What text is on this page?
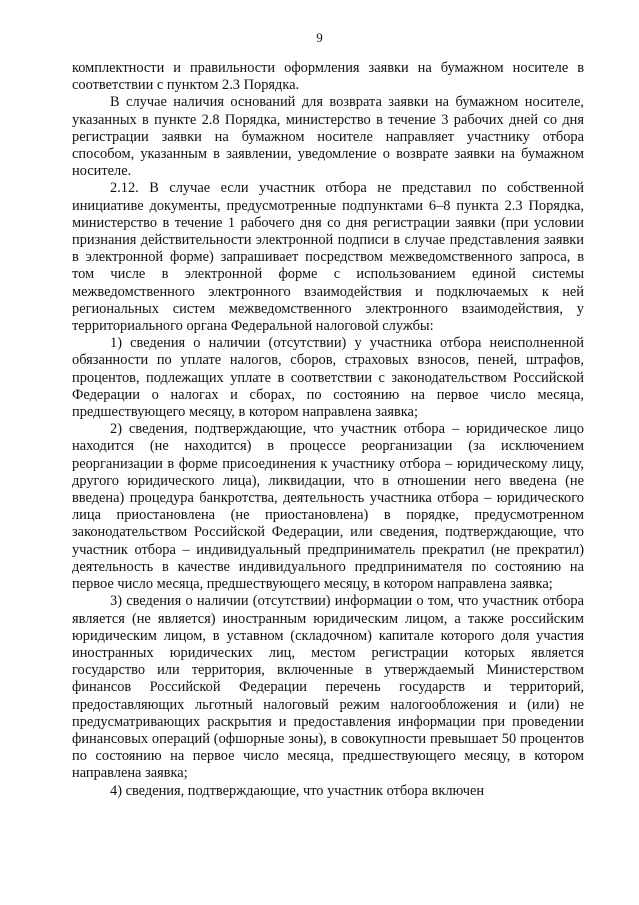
9

комплектности и правильности оформления заявки на бумажном носителе в соответствии с пунктом 2.3 Порядка.

В случае наличия оснований для возврата заявки на бумажном носителе, указанных в пункте 2.8 Порядка, министерство в течение 3 рабочих дней со дня регистрации заявки на бумажном носителе направляет участнику отбора способом, указанным в заявлении, уведомление о возврате заявки на бумажном носителе.

2.12. В случае если участник отбора не представил по собственной инициативе документы, предусмотренные подпунктами 6–8 пункта 2.3 Порядка, министерство в течение 1 рабочего дня со дня регистрации заявки (при условии признания действительности электронной подписи в случае представления заявки в электронной форме) запрашивает посредством межведомственного запроса, в том числе в электронной форме с использованием единой системы межведомственного электронного взаимодействия и подключаемых к ней региональных систем межведомственного электронного взаимодействия, у территориального органа Федеральной налоговой службы:

1) сведения о наличии (отсутствии) у участника отбора неисполненной обязанности по уплате налогов, сборов, страховых взносов, пеней, штрафов, процентов, подлежащих уплате в соответствии с законодательством Российской Федерации о налогах и сборах, по состоянию на первое число месяца, предшествующего месяцу, в котором направлена заявка;

2) сведения, подтверждающие, что участник отбора – юридическое лицо находится (не находится) в процессе реорганизации (за исключением реорганизации в форме присоединения к участнику отбора – юридическому лицу, другого юридического лица), ликвидации, что в отношении него введена (не введена) процедура банкротства, деятельность участника отбора – юридического лица приостановлена (не приостановлена) в порядке, предусмотренном законодательством Российской Федерации, или сведения, подтверждающие, что участник отбора – индивидуальный предприниматель прекратил (не прекратил) деятельность в качестве индивидуального предпринимателя по состоянию на первое число месяца, предшествующего месяцу, в котором направлена заявка;

3) сведения о наличии (отсутствии) информации о том, что участник отбора является (не является) иностранным юридическим лицом, а также российским юридическим лицом, в уставном (складочном) капитале которого доля участия иностранных юридических лиц, местом регистрации которых является государство или территория, включенные в утверждаемый Министерством финансов Российской Федерации перечень государств и территорий, предоставляющих льготный налоговый режим налогообложения и (или) не предусматривающих раскрытия и предоставления информации при проведении финансовых операций (офшорные зоны), в совокупности превышает 50 процентов по состоянию на первое число месяца, предшествующего месяцу, в котором направлена заявка;

4) сведения, подтверждающие, что участник отбора включен
